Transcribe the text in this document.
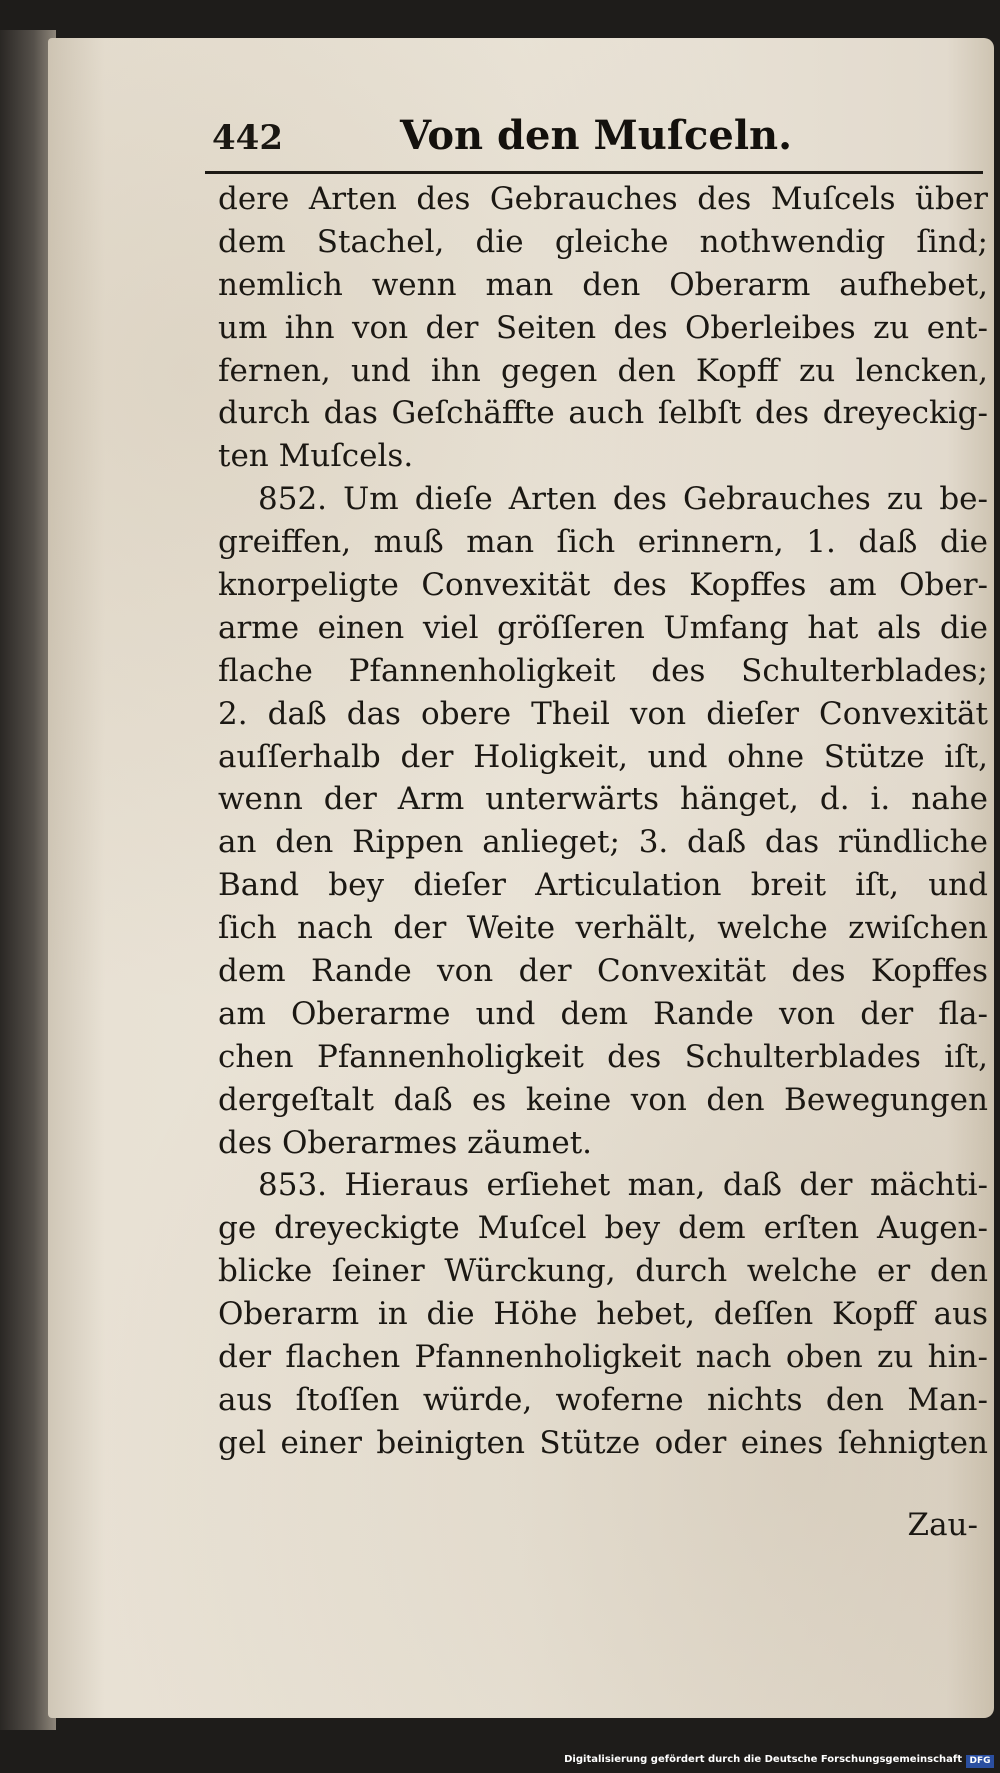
442	Von den Muſceln.
dere Arten des Gebrauches des Muſcels über
dem Stachel, die gleiche nothwendig ſind;
nemlich wenn man den Oberarm aufhebet,
um ihn von der Seiten des Oberleibes zu ent-
fernen, und ihn gegen den Kopff zu lencken,
durch das Geſchäffte auch ſelbſt des dreyeckig-
ten Muſcels.
852. Um dieſe Arten des Gebrauches zu be-
greiffen, muß man ſich erinnern, 1. daß die
knorpeligte Convexität des Kopffes am Ober-
arme einen viel gröſſeren Umfang hat als die
flache Pfannenholigkeit des Schulterblades;
2. daß das obere Theil von dieſer Convexität
auſſerhalb der Holigkeit, und ohne Stütze iſt,
wenn der Arm unterwärts hänget, d. i. nahe
an den Rippen anlieget; 3. daß das ründliche
Band bey dieſer Articulation breit iſt, und
ſich nach der Weite verhält, welche zwiſchen
dem Rande von der Convexität des Kopffes
am Oberarme und dem Rande von der fla-
chen Pfannenholigkeit des Schulterblades iſt,
dergeſtalt daß es keine von den Bewegungen
des Oberarmes zäumet.
853. Hieraus erſiehet man, daß der mächti-
ge dreyeckigte Muſcel bey dem erſten Augen-
blicke ſeiner Würckung, durch welche er den
Oberarm in die Höhe hebet, deſſen Kopff aus
der flachen Pfannenholigkeit nach oben zu hin-
aus ſtoſſen würde, woferne nichts den Man-
gel einer beinigten Stütze oder eines ſehnigten
Zau-
Digitalisierung gefördert durch die Deutsche Forschungsgemeinschaft DFG
